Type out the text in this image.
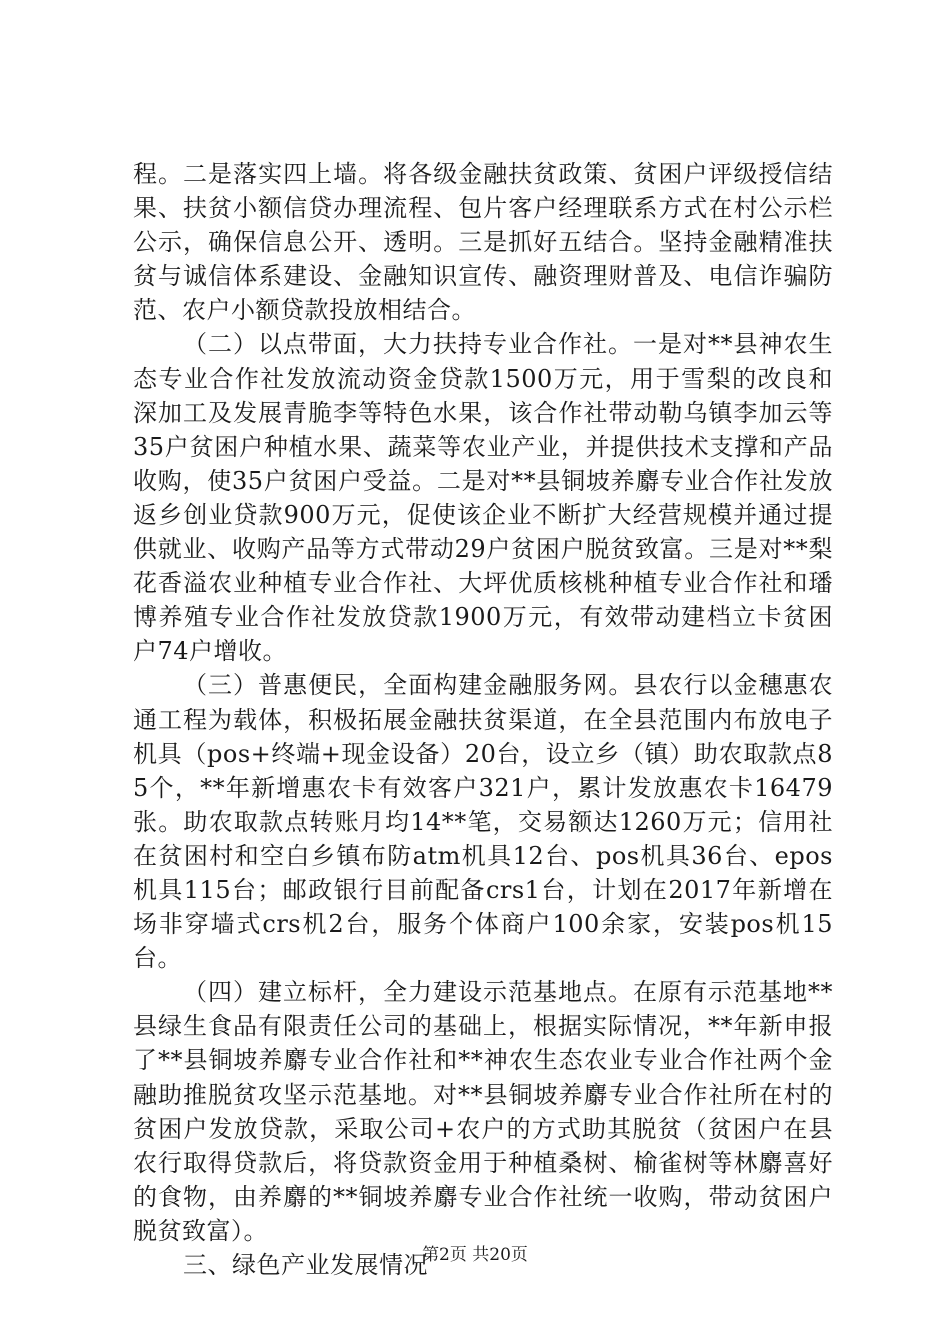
程。二是落实四上墙。将各级金融扶贫政策、贫困户评级授信结果、扶贫小额信贷办理流程、包片客户经理联系方式在村公示栏公示，确保信息公开、透明。三是抓好五结合。坚持金融精准扶贫与诚信体系建设、金融知识宣传、融资理财普及、电信诈骗防范、农户小额贷款投放相结合。

（二）以点带面，大力扶持专业合作社。一是对**县神农生态专业合作社发放流动资金贷款1500万元，用于雪梨的改良和深加工及发展青脆李等特色水果，该合作社带动勒乌镇李加云等35户贫困户种植水果、蔬菜等农业产业，并提供技术支撑和产品收购，使35户贫困户受益。二是对**县铜坡养麝专业合作社发放返乡创业贷款900万元，促使该企业不断扩大经营规模并通过提供就业、收购产品等方式带动29户贫困户脱贫致富。三是对**梨花香溢农业种植专业合作社、大坪优质核桃种植专业合作社和璠博养殖专业合作社发放贷款1900万元，有效带动建档立卡贫困户74户增收。

（三）普惠便民，全面构建金融服务网。县农行以金穗惠农通工程为载体，积极拓展金融扶贫渠道，在全县范围内布放电子机具（pos+终端+现金设备）20台，设立乡（镇）助农取款点85个，**年新增惠农卡有效客户321户，累计发放惠农卡16479张。助农取款点转账月均14**笔，交易额达1260万元；信用社在贫困村和空白乡镇布防atm机具12台、pos机具36台、epos机具115台；邮政银行目前配备crs1台，计划在2017年新增在场非穿墙式crs机2台，服务个体商户100余家，安装pos机15台。

（四）建立标杆，全力建设示范基地点。在原有示范基地**县绿生食品有限责任公司的基础上，根据实际情况，**年新申报了**县铜坡养麝专业合作社和**神农生态农业专业合作社两个金融助推脱贫攻坚示范基地。对**县铜坡养麝专业合作社所在村的贫困户发放贷款，采取公司+农户的方式助其脱贫（贫困户在县农行取得贷款后，将贷款资金用于种植桑树、榆雀树等林麝喜好的食物，由养麝的**铜坡养麝专业合作社统一收购，带动贫困户脱贫致富）。

三、绿色产业发展情况

第2页 共20页
